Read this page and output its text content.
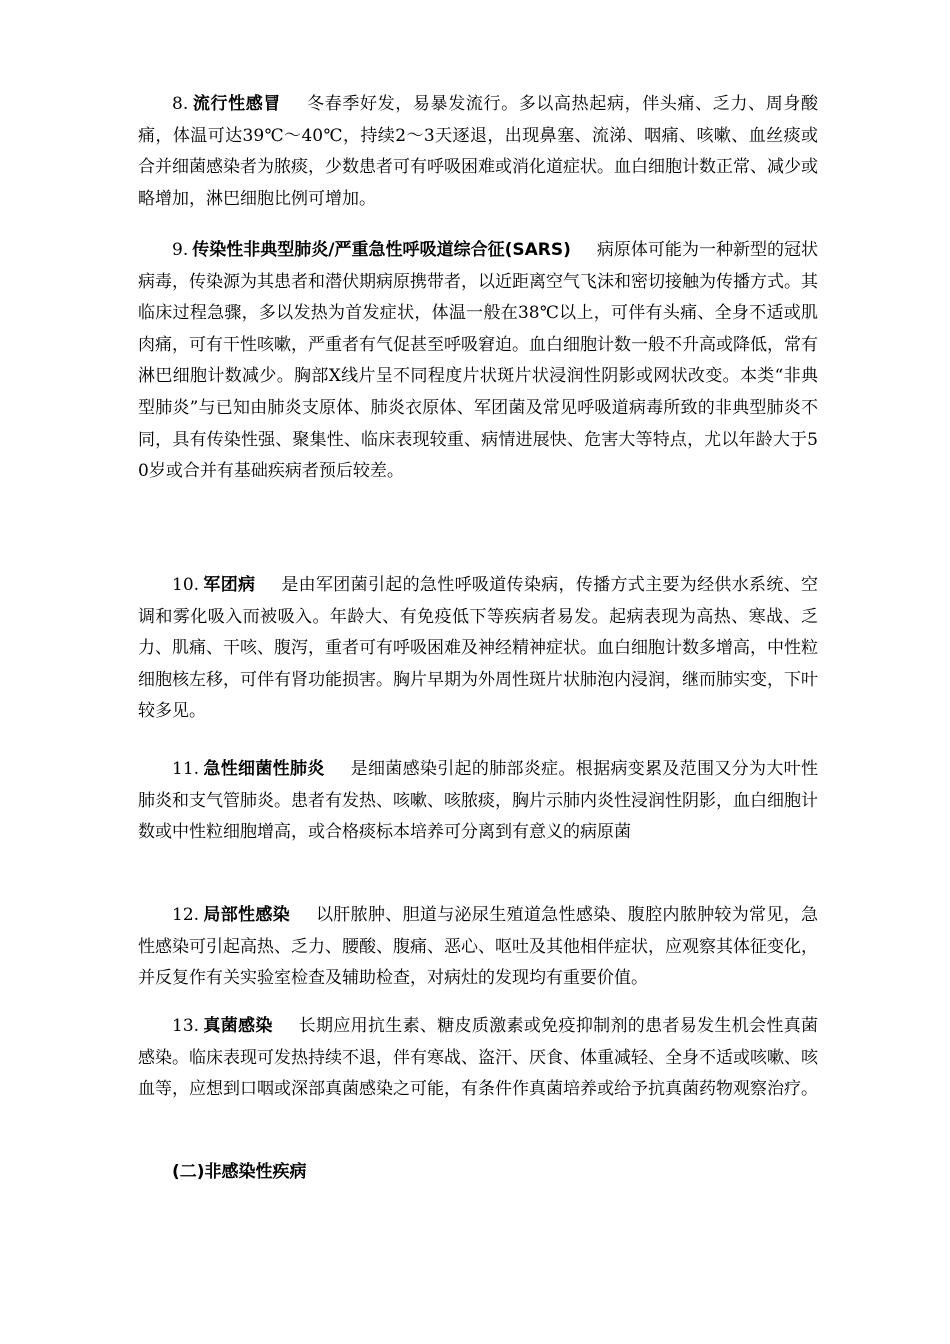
8. 流行性感冒 冬春季好发，易暴发流行。多以高热起病，伴头痛、乏力、周身酸痛，体温可达39℃～40℃，持续2～3天逐退，出现鼻塞、流涕、咽痛、咳嗽、血丝痰或合并细菌感染者为脓痰，少数患者可有呼吸困难或消化道症状。血白细胞计数正常、减少或略增加，淋巴细胞比例可增加。

9. 传染性非典型肺炎/严重急性呼吸道综合征(SARS) 病原体可能为一种新型的冠状病毒，传染源为其患者和潜伏期病原携带者，以近距离空气飞沫和密切接触为传播方式。其临床过程急骤，多以发热为首发症状，体温一般在38℃以上，可伴有头痛、全身不适或肌肉痛，可有干性咳嗽，严重者有气促甚至呼吸窘迫。血白细胞计数一般不升高或降低，常有淋巴细胞计数减少。胸部X线片呈不同程度片状斑片状浸润性阴影或网状改变。本类“非典型肺炎”与已知由肺炎支原体、肺炎衣原体、军团菌及常见呼吸道病毒所致的非典型肺炎不同，具有传染性强、聚集性、临床表现较重、病情进展快、危害大等特点，尤以年龄大于50岁或合并有基础疾病者预后较差。

10. 军团病 是由军团菌引起的急性呼吸道传染病，传播方式主要为经供水系统、空调和雾化吸入而被吸入。年龄大、有免疫低下等疾病者易发。起病表现为高热、寒战、乏力、肌痛、干咳、腹泻，重者可有呼吸困难及神经精神症状。血白细胞计数多增高，中性粒细胞核左移，可伴有肾功能损害。胸片早期为外周性斑片状肺泡内浸润，继而肺实变，下叶较多见。

11. 急性细菌性肺炎 是细菌感染引起的肺部炎症。根据病变累及范围又分为大叶性肺炎和支气管肺炎。患者有发热、咳嗽、咳脓痰，胸片示肺内炎性浸润性阴影，血白细胞计数或中性粒细胞增高，或合格痰标本培养可分离到有意义的病原菌

12. 局部性感染 以肝脓肿、胆道与泌尿生殖道急性感染、腹腔内脓肿较为常见，急性感染可引起高热、乏力、腰酸、腹痛、恶心、呕吐及其他相伴症状，应观察其体征变化，并反复作有关实验室检查及辅助检查，对病灶的发现均有重要价值。

13. 真菌感染 长期应用抗生素、糖皮质激素或免疫抑制剂的患者易发生机会性真菌感染。临床表现可发热持续不退，伴有寒战、盗汗、厌食、体重减轻、全身不适或咳嗽、咳血等，应想到口咽或深部真菌感染之可能，有条件作真菌培养或给予抗真菌药物观察治疗。

(二)非感染性疾病
